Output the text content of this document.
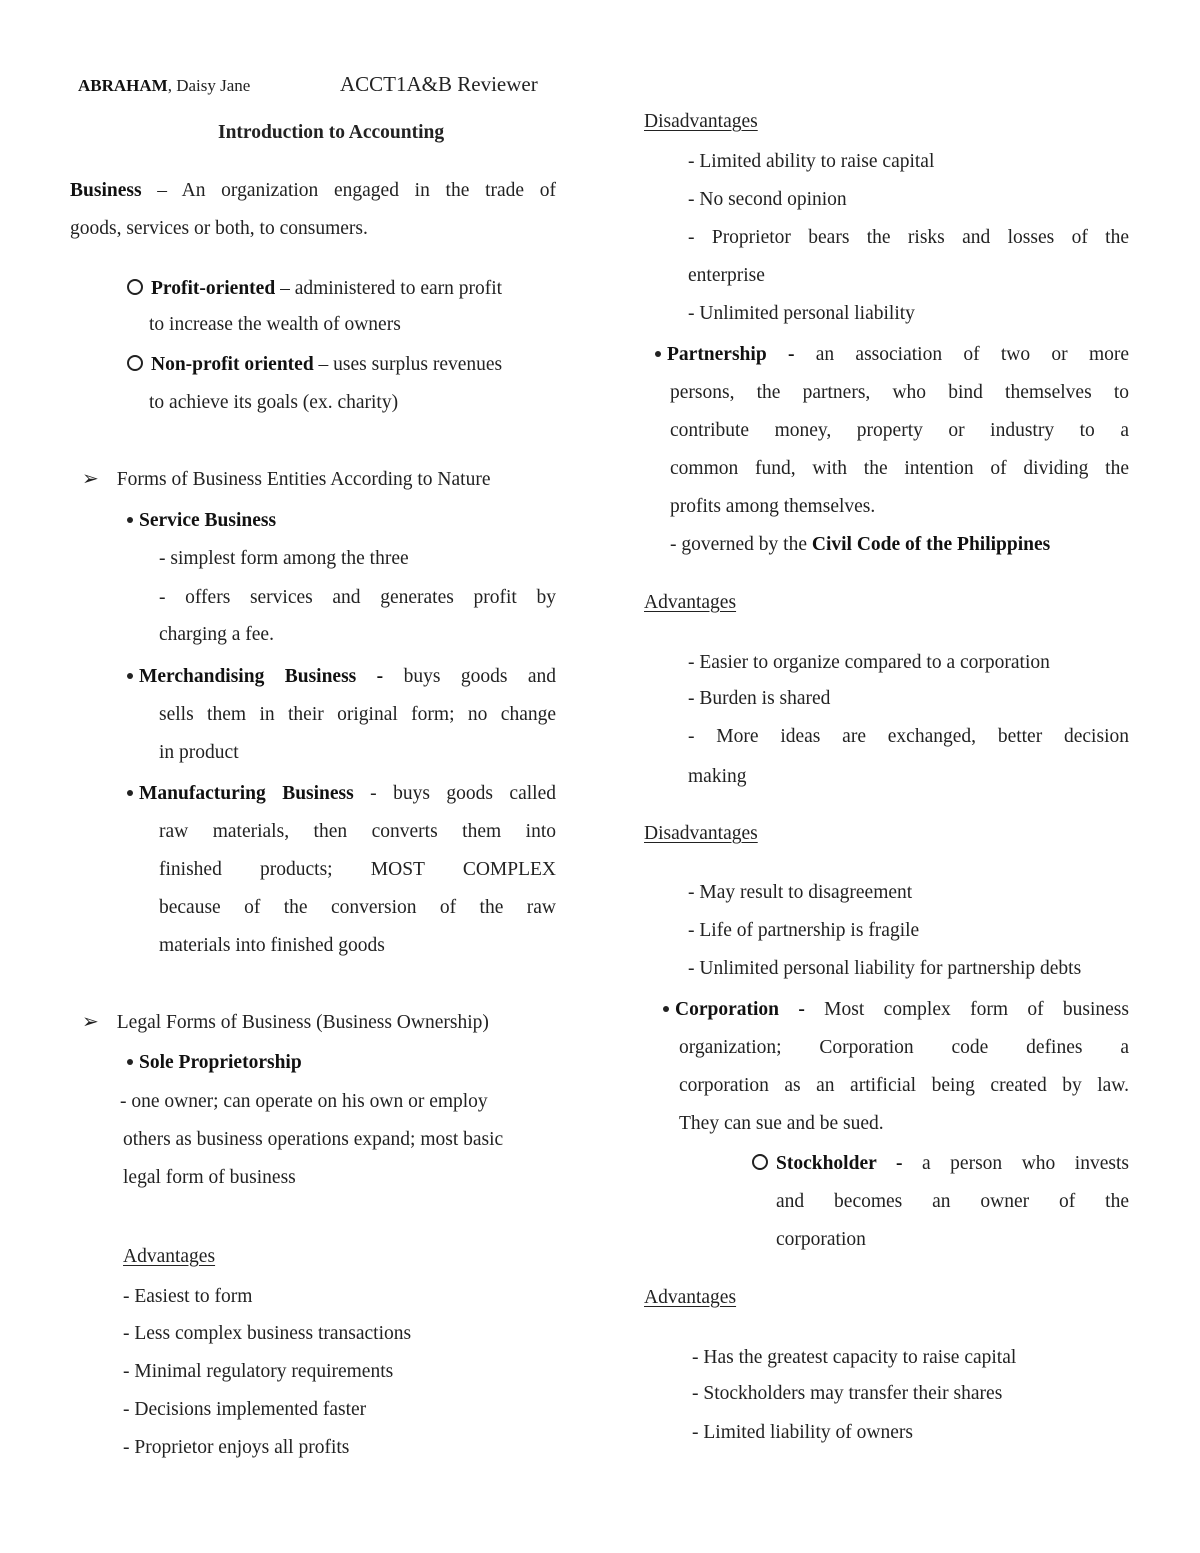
ABRAHAM, Daisy Jane	ACCT1A&B Reviewer
Introduction to Accounting
Business – An organization engaged in the trade of
goods, services or both, to consumers.
Profit-oriented – administered to earn profit
to increase the wealth of owners
Non-profit oriented – uses surplus revenues
to achieve its goals (ex. charity)
➢ Forms of Business Entities According to Nature
Service Business
- simplest form among the three
- offers services and generates profit by
charging a fee.
Merchandising Business - buys goods and
sells them in their original form; no change
in product
Manufacturing Business - buys goods called
raw materials, then converts them into
finished products; MOST COMPLEX
because of the conversion of the raw
materials into finished goods
➢ Legal Forms of Business (Business Ownership)
Sole Proprietorship
- one owner; can operate on his own or employ
others as business operations expand; most basic
legal form of business
Advantages
- Easiest to form
- Less complex business transactions
- Minimal regulatory requirements
- Decisions implemented faster
- Proprietor enjoys all profits
Disadvantages
- Limited ability to raise capital
- No second opinion
- Proprietor bears the risks and losses of the
enterprise
- Unlimited personal liability
Partnership - an association of two or more
persons, the partners, who bind themselves to
contribute money, property or industry to a
common fund, with the intention of dividing the
profits among themselves.
- governed by the Civil Code of the Philippines
Advantages
- Easier to organize compared to a corporation
- Burden is shared
- More ideas are exchanged, better decision
making
Disadvantages
- May result to disagreement
- Life of partnership is fragile
- Unlimited personal liability for partnership debts
Corporation - Most complex form of business
organization; Corporation code defines a
corporation as an artificial being created by law.
They can sue and be sued.
Stockholder - a person who invests
and becomes an owner of the
corporation
Advantages
- Has the greatest capacity to raise capital
- Stockholders may transfer their shares
- Limited liability of owners
